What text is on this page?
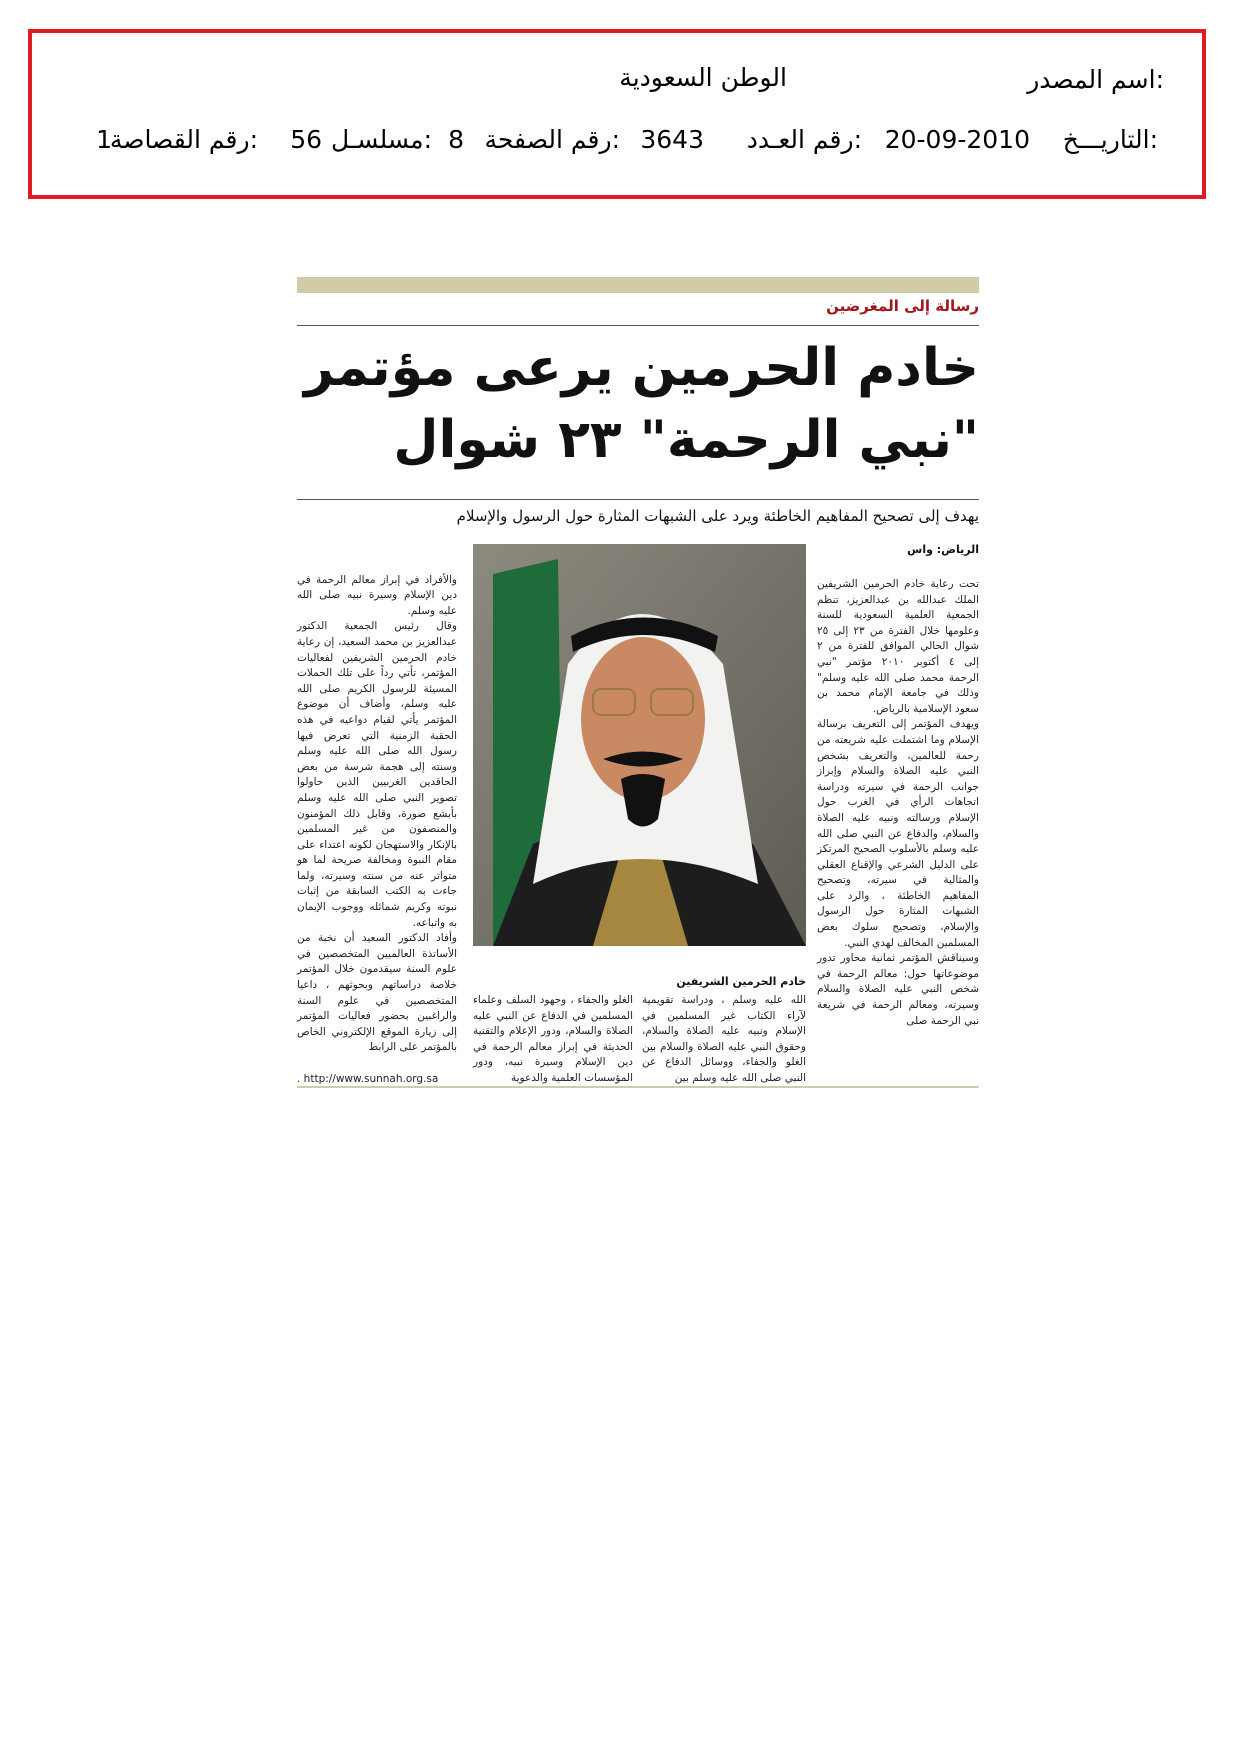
اسم المصدر:
الوطن السعودية
التاريـــخ:
20-09-2010
رقم العـدد:
3643
رقم الصفحة:
8
مسلسـل:
56
رقم القصاصة:
1
رسالة إلى المغرضين
خادم الحرمين يرعى مؤتمر
"نبي الرحمة" ٢٣ شوال
يهدف إلى تصحيح المفاهيم الخاطئة ويرد على الشبهات المثارة حول الرسول والإسلام
الرياض: واس

تحت رعاية خادم الحرمين الشريفين الملك عبدالله بن عبدالعزيز، تنظم الجمعية العلمية السعودية للسنة وعلومها خلال الفترة من ٢٣ إلى ٢٥ شوال الحالي الموافق للفترة من ٢ إلى ٤ أكتوبر ٢٠١٠ مؤتمر "نبي الرحمة محمد صلى الله عليه وسلم" وذلك في جامعة الإمام محمد بن سعود الإسلامية بالرياض.

ويهدف المؤتمر إلى التعريف برسالة الإسلام وما اشتملت عليه شريعته من رحمة للعالمين، والتعريف بشخص النبي عليه الصلاة والسلام وإبراز جوانب الرحمة في سيرته ودراسة اتجاهات الرأي في الغرب حول الإسلام ورسالته ونبيه عليه الصلاة والسلام، والدفاع عن النبي صلى الله عليه وسلم بالأسلوب الصحيح المرتكز على الدليل الشرعي والإقناع العقلي والمثالية في سيرته، وتصحيح المفاهيم الخاطئة ، والرد على الشبهات المثارة حول الرسول والإسلام، وتصحيح سلوك بعض المسلمين المخالف لهدي النبي.

وسيناقش المؤتمر ثمانية محاور تدور موضوعاتها حول: معالم الرحمة في شخص النبي عليه الصلاة والسلام وسيرته، ومعالم الرحمة في شريعة نبي الرحمة صلى

خادم الحرمين الشريفين

الله عليه وسلم ، ودراسة تقويمية لآراء الكتاب غير المسلمين في الإسلام ونبيه عليه الصلاة والسلام، وحقوق النبي عليه الصلاة والسلام بين الغلو والجفاء، ووسائل الدفاع عن النبي صلى الله عليه وسلم بين

الغلو والجفاء ، وجهود السلف وعلماء المسلمين في الدفاع عن النبي عليه الصلاة والسلام، ودور الإعلام والتقنية الحديثة في إبراز معالم الرحمة في دين الإسلام وسيرة نبيه، ودور المؤسسات العلمية والدعوية

والأفراد في إبراز معالم الرحمة في دين الإسلام وسيرة نبيه صلى الله عليه وسلم.
وقال رئيس الجمعية الدكتور عبدالعزيز بن محمد السعيد، إن رعاية خادم الحرمين الشريفين لفعاليات المؤتمر، تأتي رداً على تلك الحملات المسيئة للرسول الكريم صلى الله عليه وسلم، وأضاف أن موضوع المؤتمر يأتي لقيام دواعيه في هذه الحقبة الزمنية التي تعرض فيها رسول الله صلى الله عليه وسلم وسنته إلى هجمة شرسة من بعض الحاقدين الغربيين الذين حاولوا تصوير النبي صلى الله عليه وسلم بأبشع صورة، وقابل ذلك المؤمنون والمنصفون من غير المسلمين بالإنكار والاستهجان لكونه اعتداء على مقام النبوة ومخالفة صريحة لما هو متواتر عنه من سنته وسيرته، ولما جاءت به الكتب السابقة من إثبات نبوته وكريم شمائله ووجوب الإيمان به واتباعه.
وأفاد الدكتور السعيد أن نخبة من الأساتذة العالميين المتخصصين في علوم السنة سيقدمون خلال المؤتمر خلاصة دراساتهم وبحوثهم ، داعيا المتخصصين في علوم السنة والراغبين بحضور فعاليات المؤتمر إلى زيارة الموقع الإلكتروني الخاص بالمؤتمر على الرابط

. http://www.sunnah.org.sa
